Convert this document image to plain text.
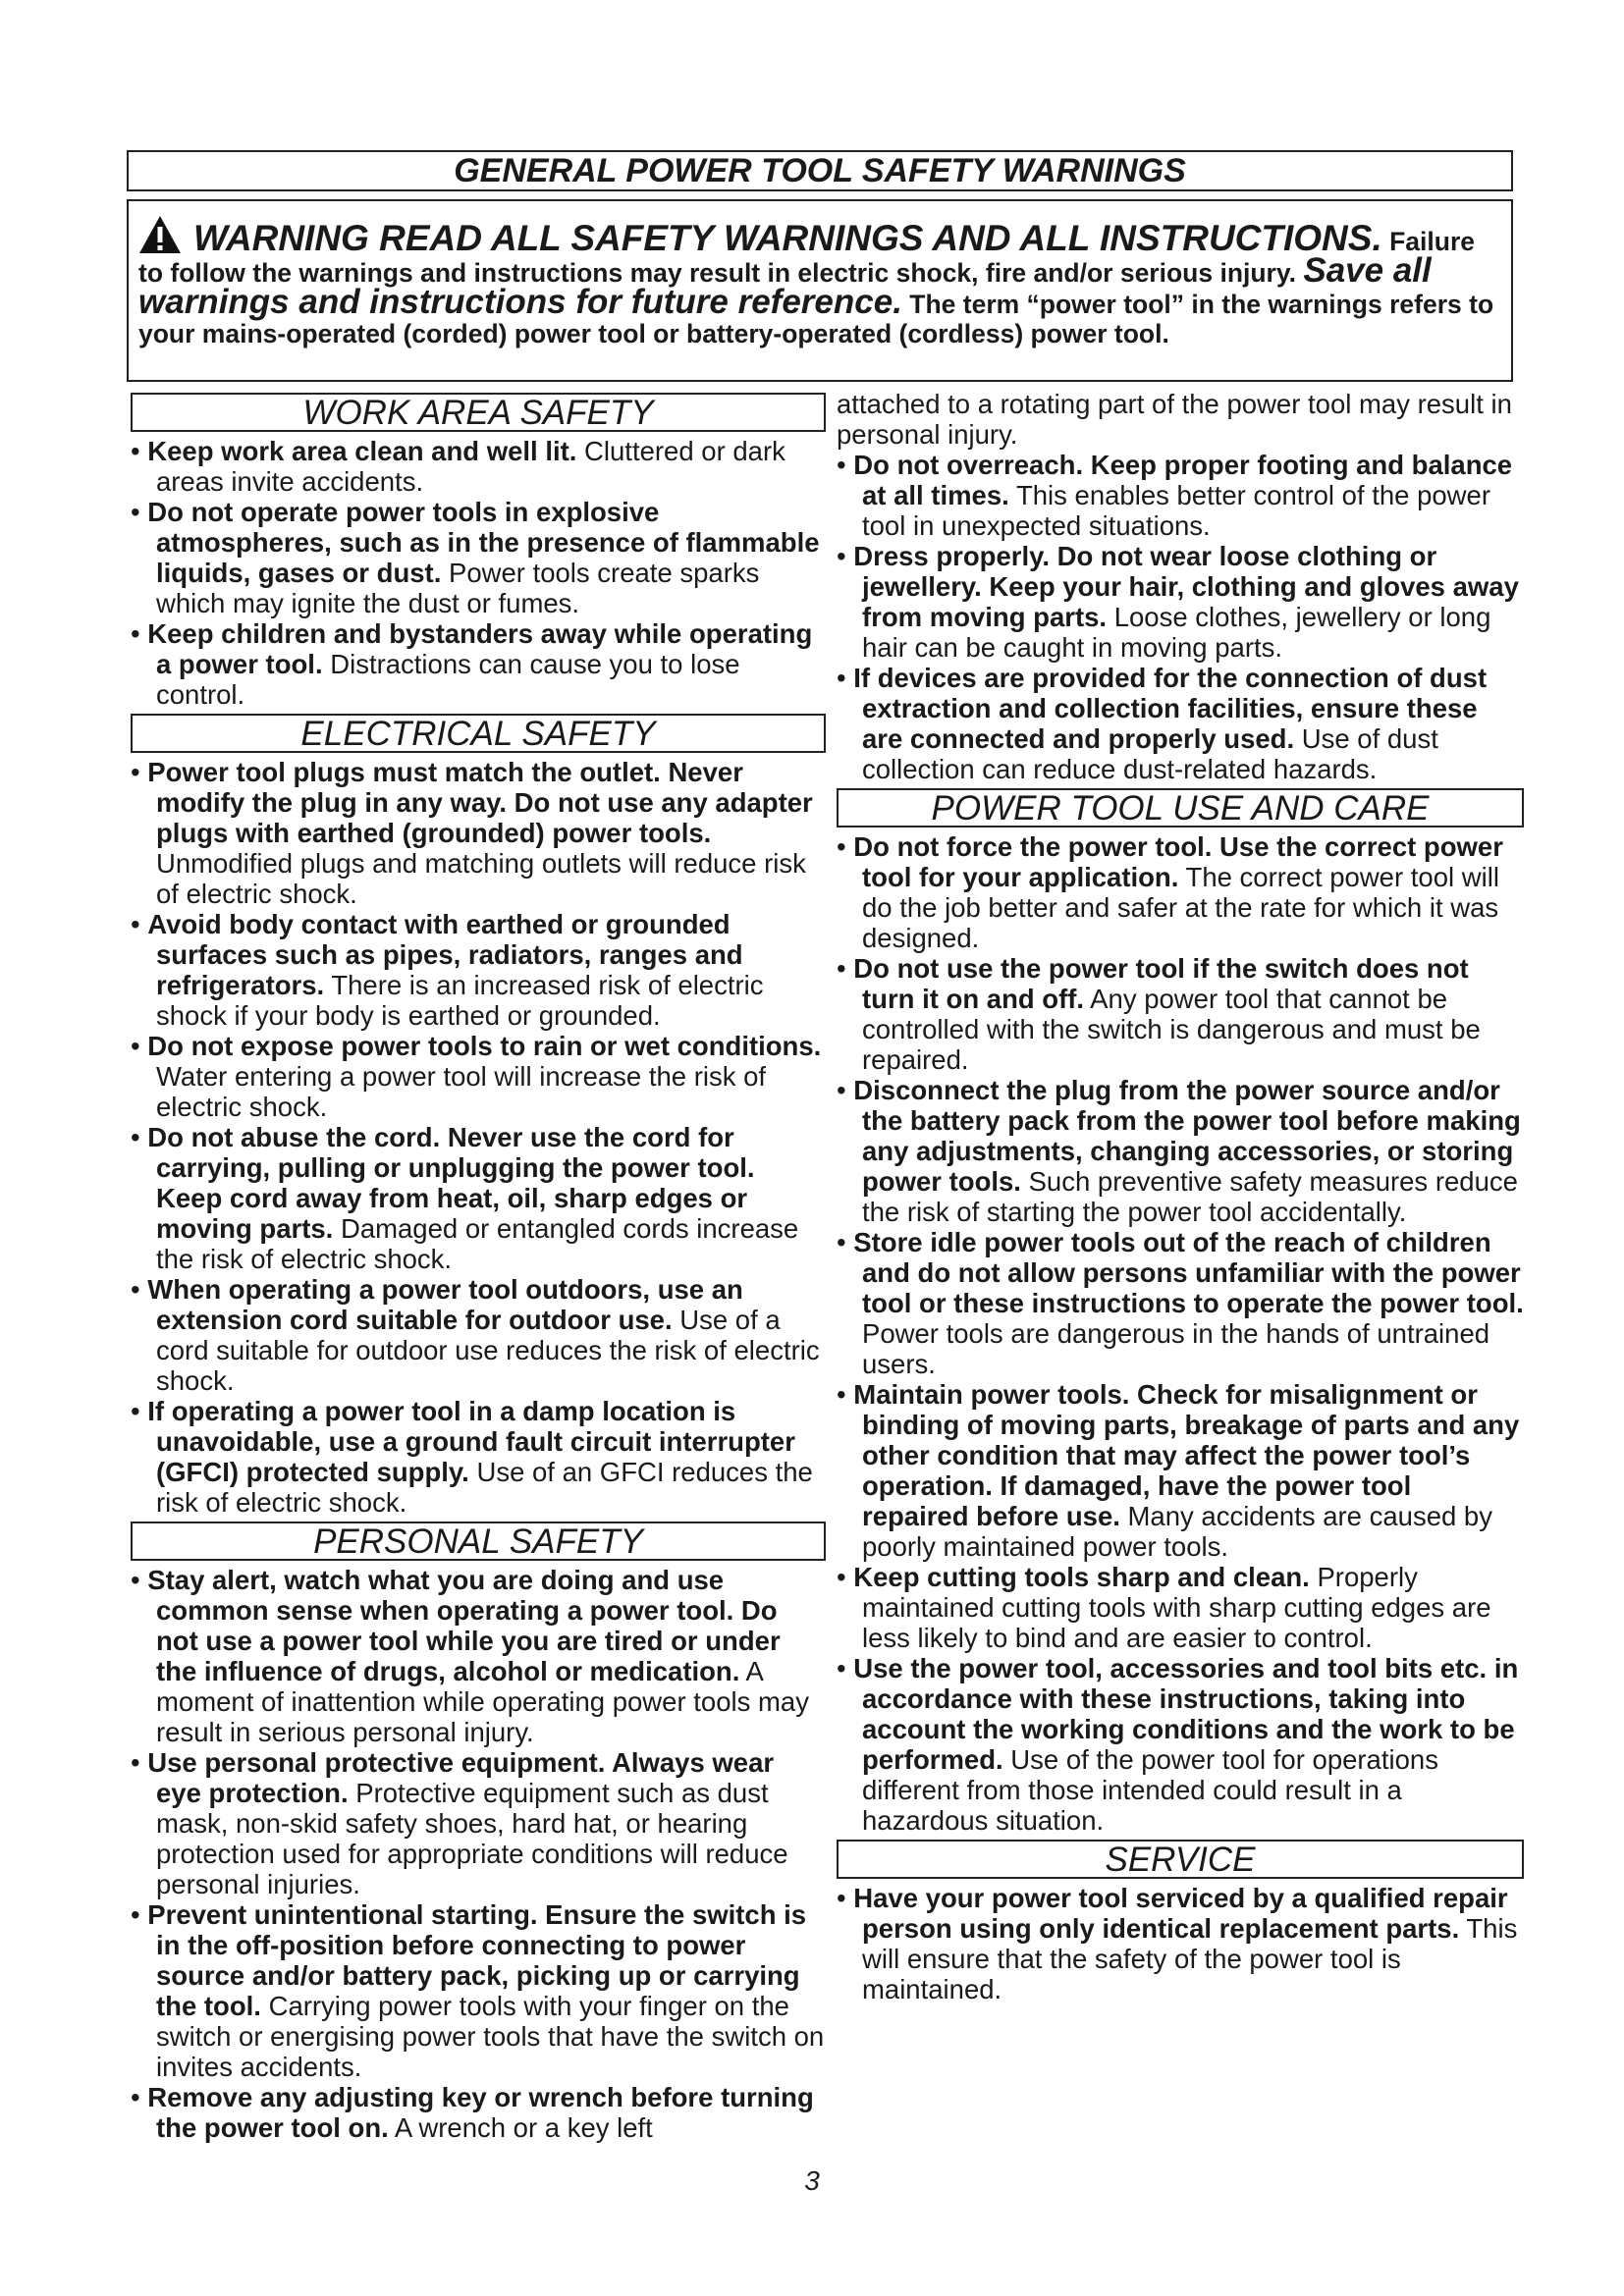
GENERAL POWER TOOL SAFETY WARNINGS
WARNING READ ALL SAFETY WARNINGS AND ALL INSTRUCTIONS. Failure to follow the warnings and instructions may result in electric shock, fire and/or serious injury. Save all warnings and instructions for future reference. The term “power tool” in the warnings refers to your mains-operated (corded) power tool or battery-operated (cordless) power tool.
WORK AREA SAFETY

• Keep work area clean and well lit. Cluttered or dark areas invite accidents.

• Do not operate power tools in explosive atmospheres, such as in the presence of flammable liquids, gases or dust. Power tools create sparks which may ignite the dust or fumes.

• Keep children and bystanders away while operating a power tool. Distractions can cause you to lose control.

ELECTRICAL SAFETY

• Power tool plugs must match the outlet. Never modify the plug in any way. Do not use any adapter plugs with earthed (grounded) power tools. Unmodified plugs and matching outlets will reduce risk of electric shock.

• Avoid body contact with earthed or grounded surfaces such as pipes, radiators, ranges and refrigerators. There is an increased risk of electric shock if your body is earthed or grounded.

• Do not expose power tools to rain or wet conditions. Water entering a power tool will increase the risk of electric shock.

• Do not abuse the cord. Never use the cord for carrying, pulling or unplugging the power tool. Keep cord away from heat, oil, sharp edges or moving parts. Damaged or entangled cords increase the risk of electric shock.

• When operating a power tool outdoors, use an extension cord suitable for outdoor use. Use of a cord suitable for outdoor use reduces the risk of electric shock.

• If operating a power tool in a damp location is unavoidable, use a ground fault circuit interrupter (GFCI) protected supply. Use of an GFCI reduces the risk of electric shock.

PERSONAL SAFETY

• Stay alert, watch what you are doing and use common sense when operating a power tool. Do not use a power tool while you are tired or under the influence of drugs, alcohol or medication. A moment of inattention while operating power tools may result in serious personal injury.

• Use personal protective equipment. Always wear eye protection. Protective equipment such as dust mask, non-skid safety shoes, hard hat, or hearing protection used for appropriate conditions will reduce personal injuries.

• Prevent unintentional starting. Ensure the switch is in the off-position before connecting to power source and/or battery pack, picking up or carrying the tool. Carrying power tools with your finger on the switch or energising power tools that have the switch on invites accidents.

• Remove any adjusting key or wrench before turning the power tool on. A wrench or a key left

attached to a rotating part of the power tool may result in personal injury.

• Do not overreach. Keep proper footing and balance at all times. This enables better control of the power tool in unexpected situations.

• Dress properly. Do not wear loose clothing or jewellery. Keep your hair, clothing and gloves away from moving parts. Loose clothes, jewellery or long hair can be caught in moving parts.

• If devices are provided for the connection of dust extraction and collection facilities, ensure these are connected and properly used. Use of dust collection can reduce dust-related hazards.

POWER TOOL USE AND CARE

• Do not force the power tool. Use the correct power tool for your application. The correct power tool will do the job better and safer at the rate for which it was designed.

• Do not use the power tool if the switch does not turn it on and off. Any power tool that cannot be controlled with the switch is dangerous and must be repaired.

• Disconnect the plug from the power source and/or the battery pack from the power tool before making any adjustments, changing accessories, or storing power tools. Such preventive safety measures reduce the risk of starting the power tool accidentally.

• Store idle power tools out of the reach of children and do not allow persons unfamiliar with the power tool or these instructions to operate the power tool. Power tools are dangerous in the hands of untrained users.

• Maintain power tools. Check for misalignment or binding of moving parts, breakage of parts and any other condition that may affect the power tool’s operation. If damaged, have the power tool repaired before use. Many accidents are caused by poorly maintained power tools.

• Keep cutting tools sharp and clean. Properly maintained cutting tools with sharp cutting edges are less likely to bind and are easier to control.

• Use the power tool, accessories and tool bits etc. in accordance with these instructions, taking into account the working conditions and the work to be performed. Use of the power tool for operations different from those intended could result in a hazardous situation.

SERVICE

• Have your power tool serviced by a qualified repair person using only identical replacement parts. This will ensure that the safety of the power tool is maintained.

3
